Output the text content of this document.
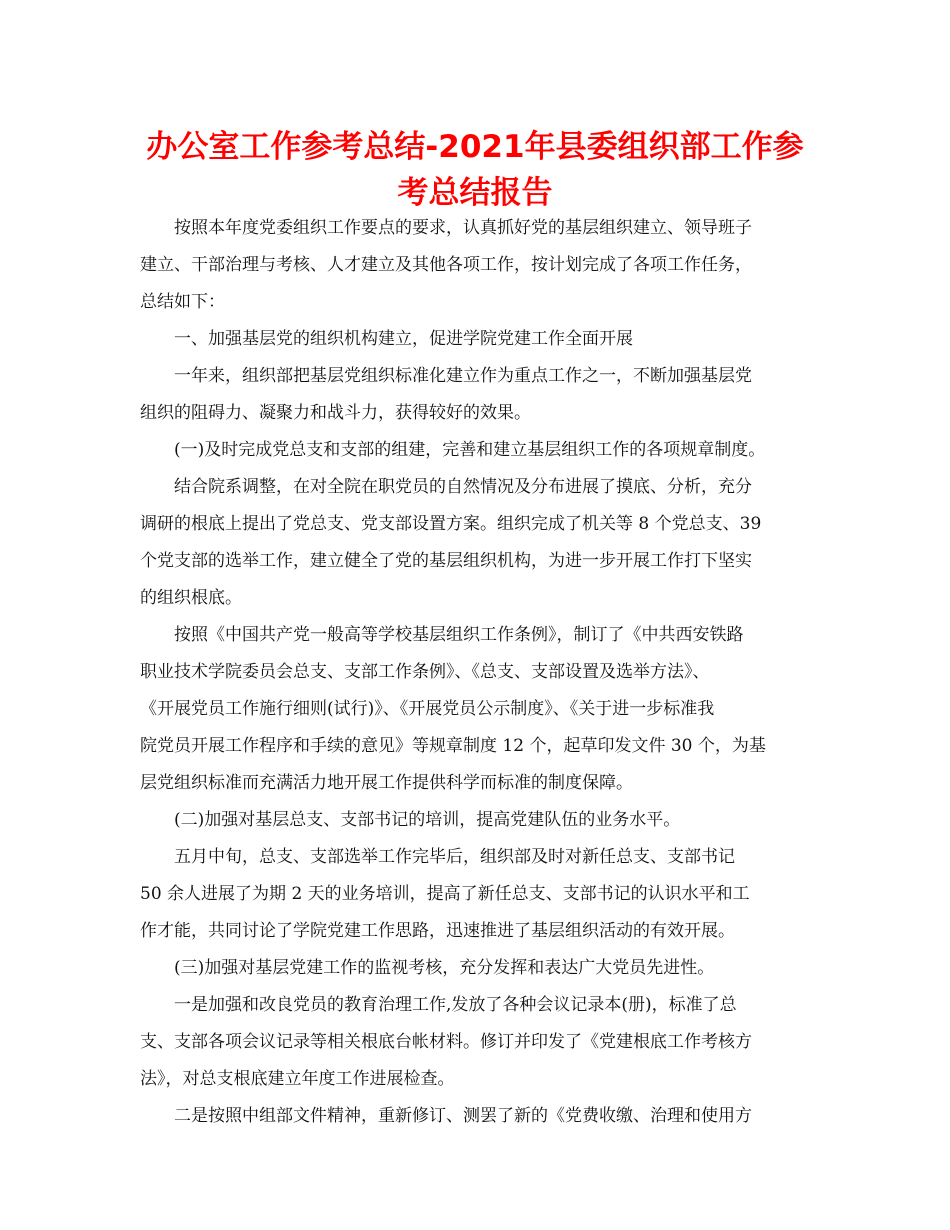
办公室工作参考总结-2021年县委组织部工作参
考总结报告
按照本年度党委组织工作要点的要求，认真抓好党的基层组织建立、领导班子
建立、干部治理与考核、人才建立及其他各项工作，按计划完成了各项工作任务，
总结如下：
一、加强基层党的组织机构建立，促进学院党建工作全面开展
一年来，组织部把基层党组织标准化建立作为重点工作之一，不断加强基层党
组织的阻碍力、凝聚力和战斗力，获得较好的效果。
(一)及时完成党总支和支部的组建，完善和建立基层组织工作的各项规章制度。
结合院系调整，在对全院在职党员的自然情况及分布进展了摸底、分析，充分
调研的根底上提出了党总支、党支部设置方案。组织完成了机关等 8 个党总支、39
个党支部的选举工作，建立健全了党的基层组织机构，为进一步开展工作打下坚实
的组织根底。
按照《中国共产党一般高等学校基层组织工作条例》，制订了《中共西安铁路
职业技术学院委员会总支、支部工作条例》、《总支、支部设置及选举方法》、
《开展党员工作施行细则(试行)》、《开展党员公示制度》、《关于进一步标准我
院党员开展工作程序和手续的意见》等规章制度 12 个，起草印发文件 30 个，为基
层党组织标准而充满活力地开展工作提供科学而标准的制度保障。
(二)加强对基层总支、支部书记的培训，提高党建队伍的业务水平。
五月中旬，总支、支部选举工作完毕后，组织部及时对新任总支、支部书记
50 余人进展了为期 2 天的业务培训，提高了新任总支、支部书记的认识水平和工
作才能，共同讨论了学院党建工作思路，迅速推进了基层组织活动的有效开展。
(三)加强对基层党建工作的监视考核，充分发挥和表达广大党员先进性。
一是加强和改良党员的教育治理工作,发放了各种会议记录本(册)，标准了总
支、支部各项会议记录等相关根底台帐材料。修订并印发了《党建根底工作考核方
法》，对总支根底建立年度工作进展检查。
二是按照中组部文件精神，重新修订、测罢了新的《党费收缴、治理和使用方
